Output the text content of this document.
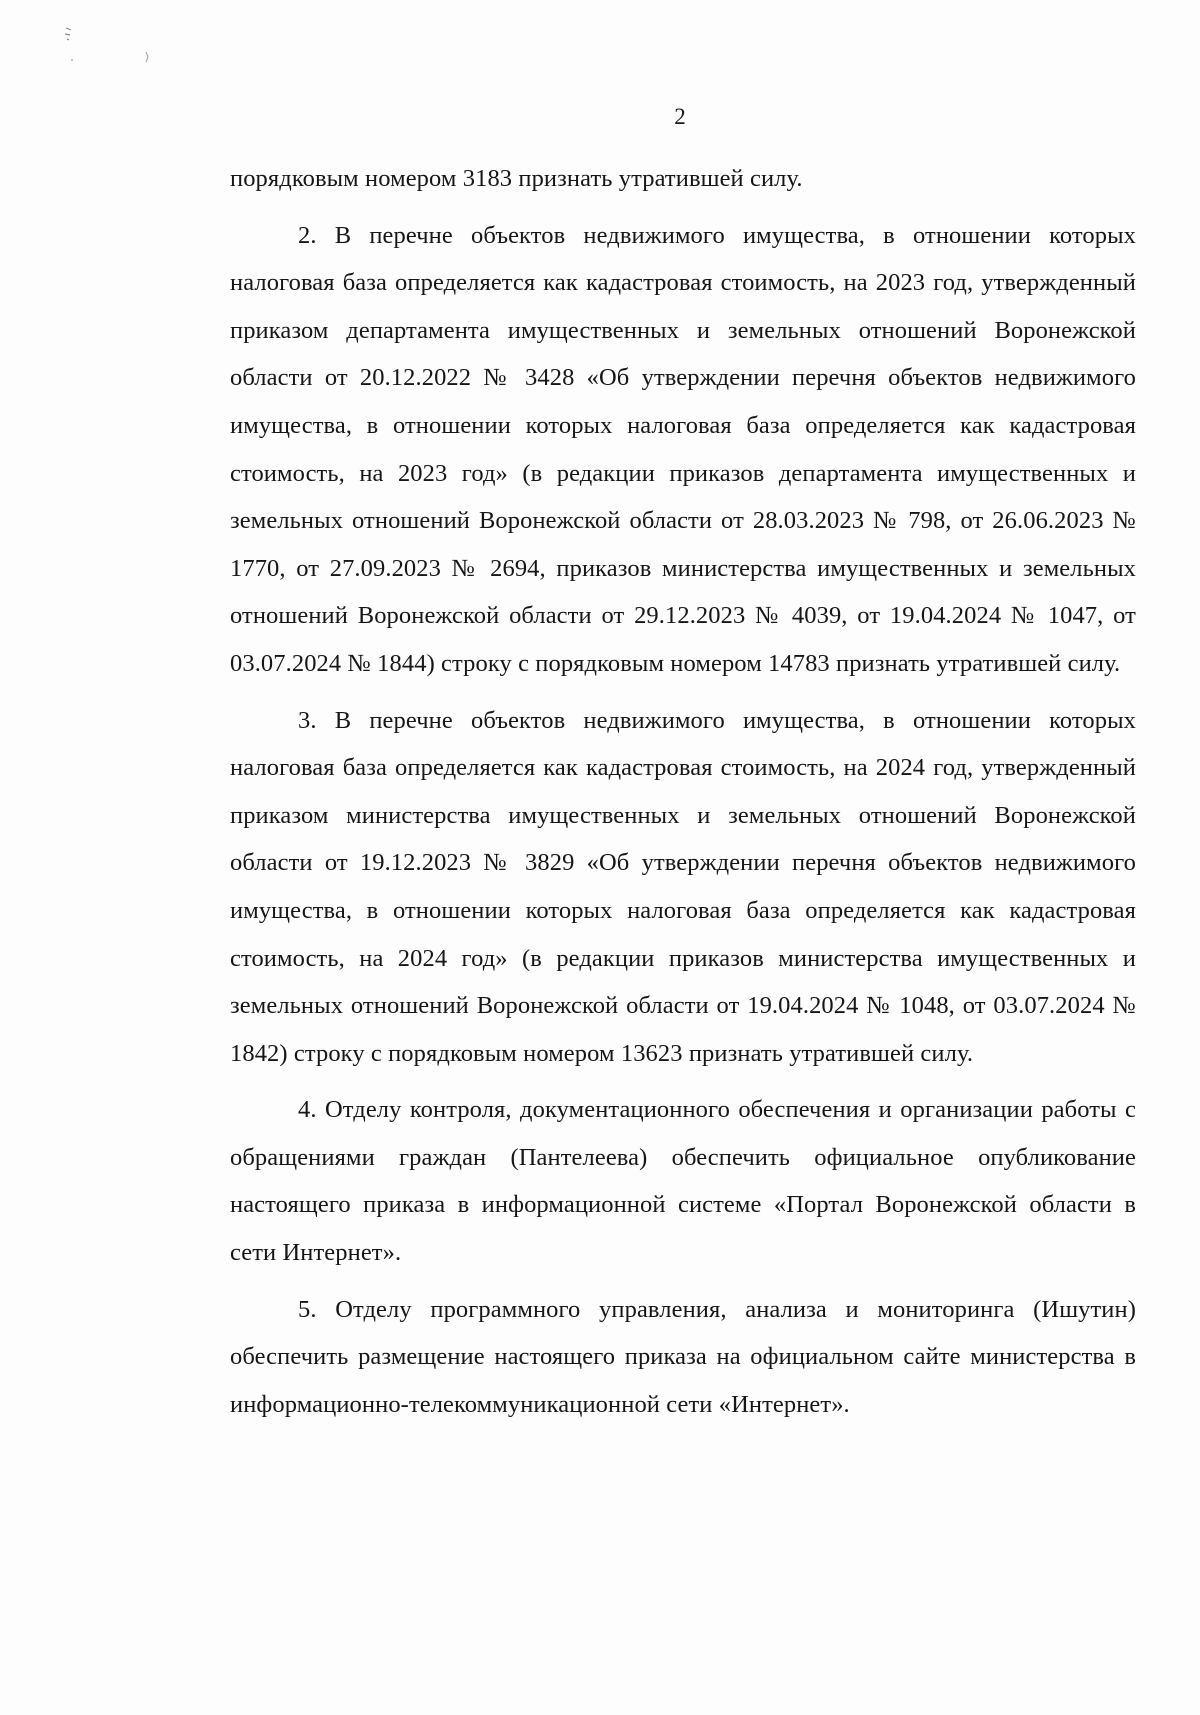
2

порядковым номером 3183 признать утратившей силу.

2. В перечне объектов недвижимого имущества, в отношении которых налоговая база определяется как кадастровая стоимость, на 2023 год, утвержденный приказом департамента имущественных и земельных отношений Воронежской области от 20.12.2022 № 3428 «Об утверждении перечня объектов недвижимого имущества, в отношении которых налоговая база определяется как кадастровая стоимость, на 2023 год» (в редакции приказов департамента имущественных и земельных отношений Воронежской области от 28.03.2023 № 798, от 26.06.2023 № 1770, от 27.09.2023 № 2694, приказов министерства имущественных и земельных отношений Воронежской области от 29.12.2023 № 4039, от 19.04.2024 № 1047, от 03.07.2024 № 1844) строку с порядковым номером 14783 признать утратившей силу.

3. В перечне объектов недвижимого имущества, в отношении которых налоговая база определяется как кадастровая стоимость, на 2024 год, утвержденный приказом министерства имущественных и земельных отношений Воронежской области от 19.12.2023 № 3829 «Об утверждении перечня объектов недвижимого имущества, в отношении которых налоговая база определяется как кадастровая стоимость, на 2024 год» (в редакции приказов министерства имущественных и земельных отношений Воронежской области от 19.04.2024 № 1048, от 03.07.2024 № 1842) строку с порядковым номером 13623 признать утратившей силу.

4. Отделу контроля, документационного обеспечения и организации работы с обращениями граждан (Пантелеева) обеспечить официальное опубликование настоящего приказа в информационной системе «Портал Воронежской области в сети Интернет».

5. Отделу программного управления, анализа и мониторинга (Ишутин) обеспечить размещение настоящего приказа на официальном сайте министерства в информационно-телекоммуникационной сети «Интернет».
